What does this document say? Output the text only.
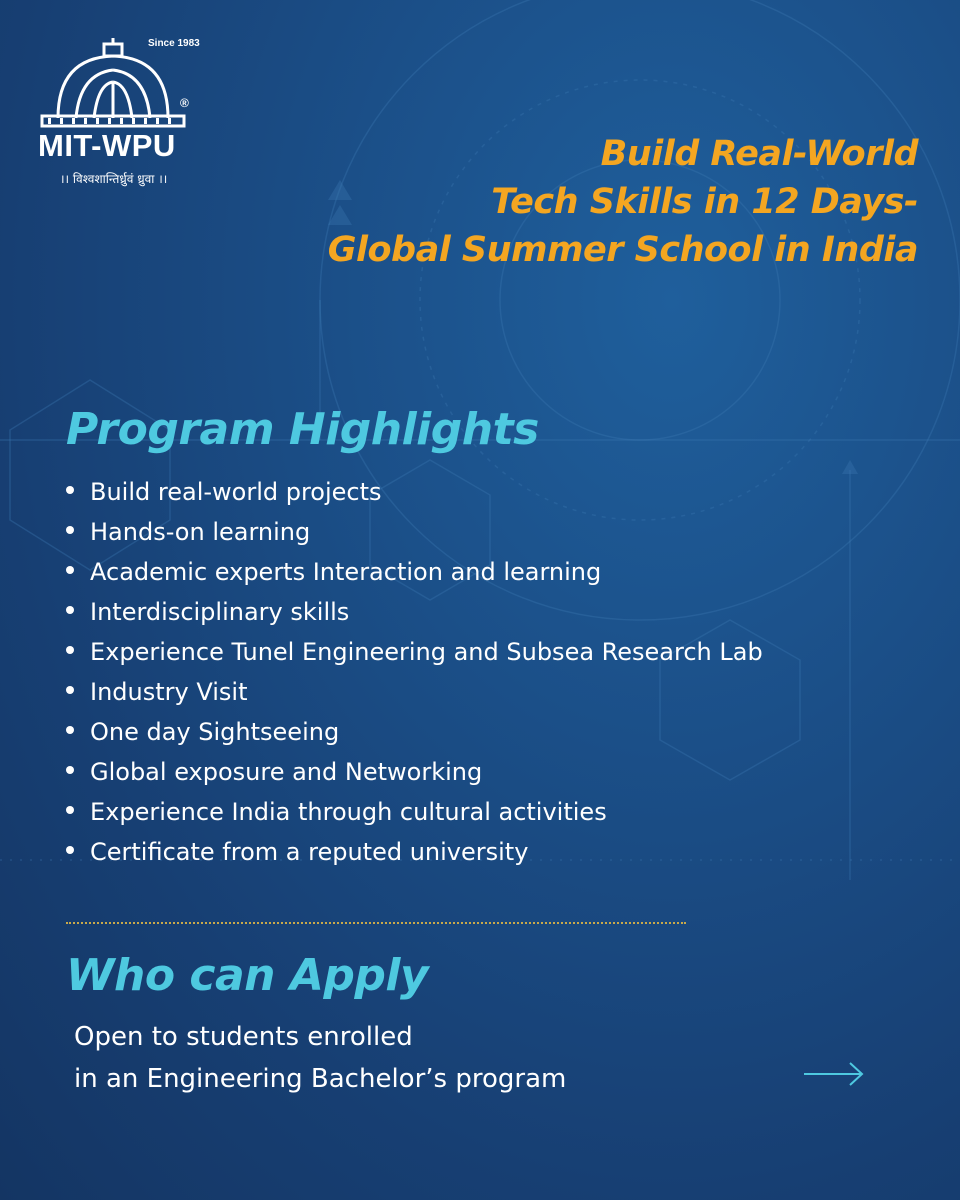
Since 1983
®
MIT-WPU
।। विश्वशान्तिर्ध्रुवं ध्रुवा ।।
Build Real-World
Tech Skills in 12 Days-
Global Summer School in India
Program Highlights
Build real-world projects
Hands-on learning
Academic experts Interaction and learning
Interdisciplinary skills
Experience Tunel Engineering and Subsea Research Lab
Industry Visit
One day Sightseeing
Global exposure and Networking
Experience India through cultural activities
Certificate from a reputed university
Who can Apply
Open to students enrolled
in an Engineering Bachelor’s program
